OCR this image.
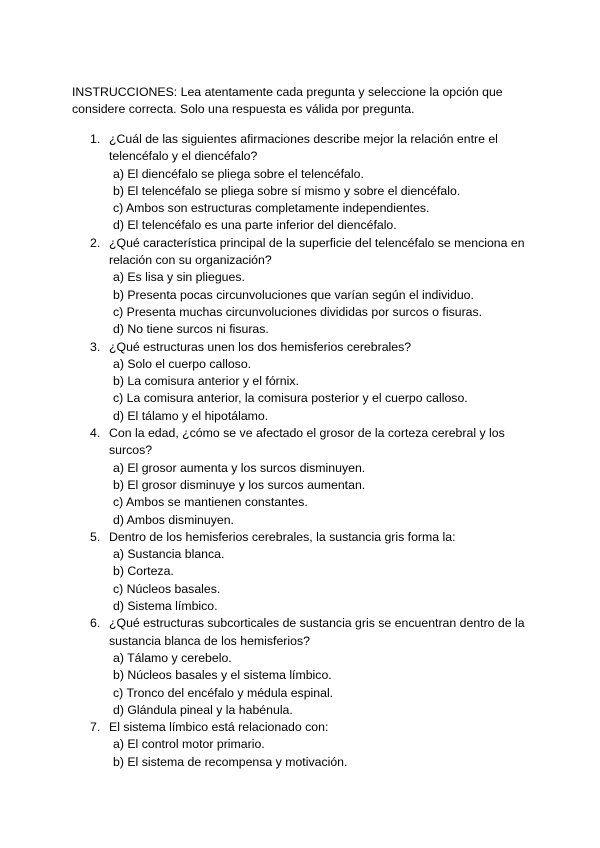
INSTRUCCIONES: Lea atentamente cada pregunta y seleccione la opción que considere correcta. Solo una respuesta es válida por pregunta.

1. ¿Cuál de las siguientes afirmaciones describe mejor la relación entre el telencéfalo y el diencéfalo?
a) El diencéfalo se pliega sobre el telencéfalo.
b) El telencéfalo se pliega sobre sí mismo y sobre el diencéfalo.
c) Ambos son estructuras completamente independientes.
d) El telencéfalo es una parte inferior del diencéfalo.
2. ¿Qué característica principal de la superficie del telencéfalo se menciona en relación con su organización?
a) Es lisa y sin pliegues.
b) Presenta pocas circunvoluciones que varían según el individuo.
c) Presenta muchas circunvoluciones divididas por surcos o fisuras.
d) No tiene surcos ni fisuras.
3. ¿Qué estructuras unen los dos hemisferios cerebrales?
a) Solo el cuerpo calloso.
b) La comisura anterior y el fórnix.
c) La comisura anterior, la comisura posterior y el cuerpo calloso.
d) El tálamo y el hipotálamo.
4. Con la edad, ¿cómo se ve afectado el grosor de la corteza cerebral y los surcos?
a) El grosor aumenta y los surcos disminuyen.
b) El grosor disminuye y los surcos aumentan.
c) Ambos se mantienen constantes.
d) Ambos disminuyen.
5. Dentro de los hemisferios cerebrales, la sustancia gris forma la:
a) Sustancia blanca.
b) Corteza.
c) Núcleos basales.
d) Sistema límbico.
6. ¿Qué estructuras subcorticales de sustancia gris se encuentran dentro de la sustancia blanca de los hemisferios?
a) Tálamo y cerebelo.
b) Núcleos basales y el sistema límbico.
c) Tronco del encéfalo y médula espinal.
d) Glándula pineal y la habénula.
7. El sistema límbico está relacionado con:
a) El control motor primario.
b) El sistema de recompensa y motivación.
